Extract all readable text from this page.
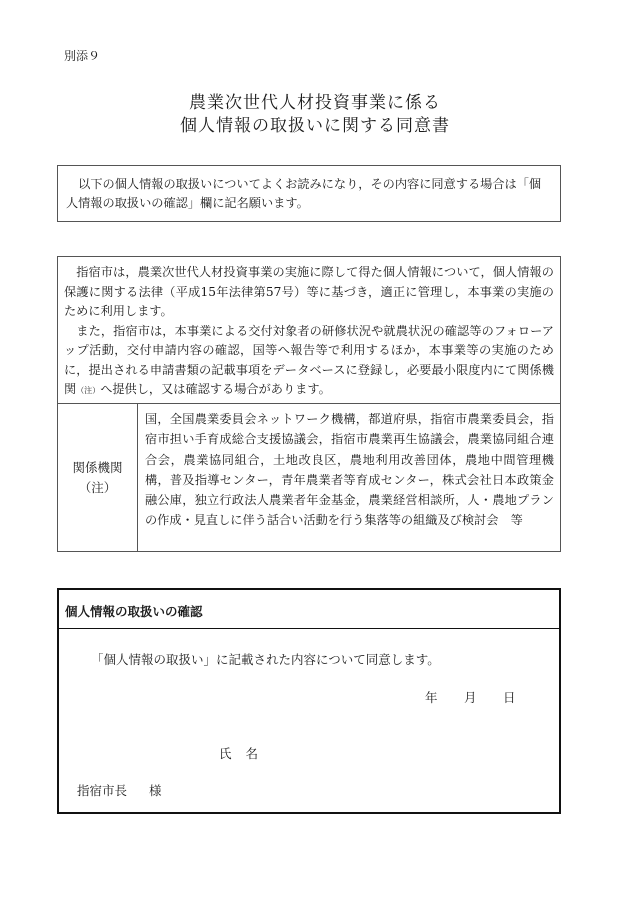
別添９
農業次世代人材投資事業に係る
個人情報の取扱いに関する同意書

　以下の個人情報の取扱いについてよくお読みになり，その内容に同意する場合は「個人情報の取扱いの確認」欄に記名願います。

　指宿市は，農業次世代人材投資事業の実施に際して得た個人情報について，個人情報の保護に関する法律（平成15年法律第57号）等に基づき，適正に管理し，本事業の実施のために利用します。

　また，指宿市は，本事業による交付対象者の研修状況や就農状況の確認等のフォローアップ活動，交付申請内容の確認，国等へ報告等で利用するほか，本事業等の実施のために，提出される申請書類の記載事項をデータベースに登録し，必要最小限度内にて関係機関（注）へ提供し，又は確認する場合があります。

関係機関
（注）
国，全国農業委員会ネットワーク機構，都道府県，指宿市農業委員会，指宿市担い手育成総合支援協議会，指宿市農業再生協議会，農業協同組合連合会，農業協同組合，土地改良区，農地利用改善団体，農地中間管理機構，普及指導センター，青年農業者等育成センター，株式会社日本政策金融公庫，独立行政法人農業者年金基金，農業経営相談所，人・農地プランの作成・見直しに伴う話合い活動を行う集落等の組織及び検討会　等
個人情報の取扱いの確認
「個人情報の取扱い」に記載された内容について同意します。
年 月 日
氏名
指宿市長 様
